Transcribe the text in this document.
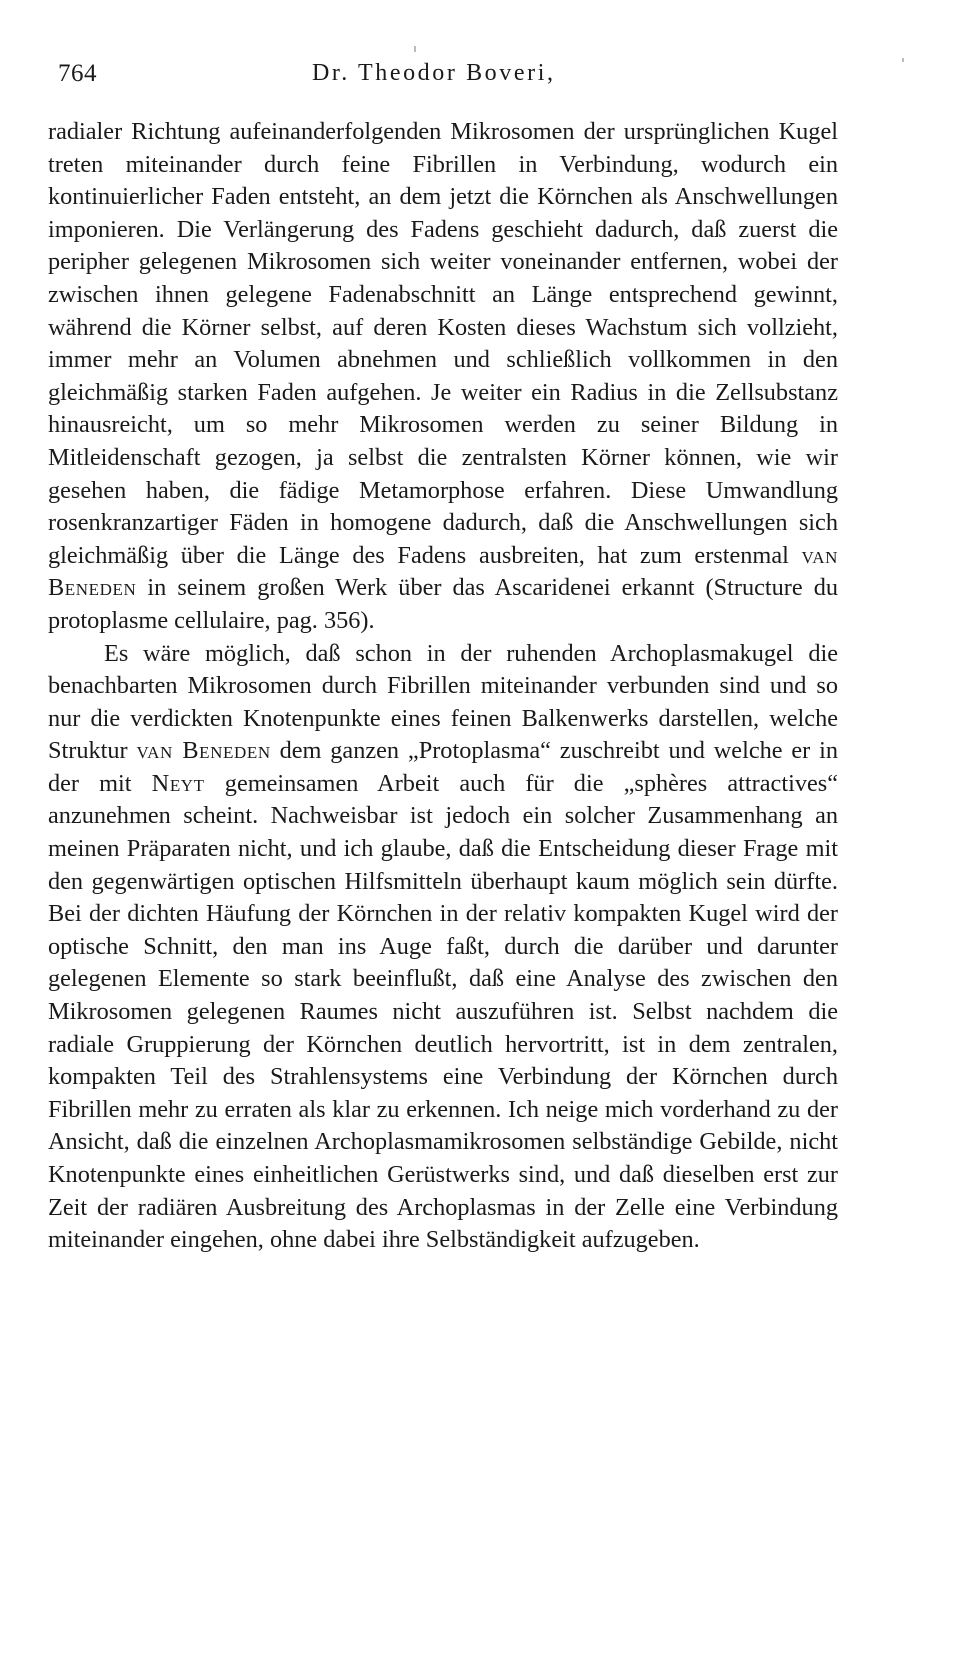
764	Dr. Theodor Boveri,

radialer Richtung aufeinanderfolgenden Mikrosomen der ursprünglichen Kugel treten miteinander durch feine Fibrillen in Verbindung, wodurch ein kontinuierlicher Faden entsteht, an dem jetzt die Körnchen als Anschwellungen imponieren. Die Verlängerung des Fadens geschieht dadurch, daß zuerst die peripher gelegenen Mikrosomen sich weiter voneinander entfernen, wobei der zwischen ihnen gelegene Fadenabschnitt an Länge entsprechend gewinnt, während die Körner selbst, auf deren Kosten dieses Wachstum sich vollzieht, immer mehr an Volumen abnehmen und schließlich vollkommen in den gleichmäßig starken Faden aufgehen. Je weiter ein Radius in die Zellsubstanz hinausreicht, um so mehr Mikrosomen werden zu seiner Bildung in Mitleidenschaft gezogen, ja selbst die zentralsten Körner können, wie wir gesehen haben, die fädige Metamorphose erfahren. Diese Umwandlung rosenkranzartiger Fäden in homogene dadurch, daß die Anschwellungen sich gleichmäßig über die Länge des Fadens ausbreiten, hat zum erstenmal van Beneden in seinem großen Werk über das Ascaridenei erkannt (Structure du protoplasme cellulaire, pag. 356).

Es wäre möglich, daß schon in der ruhenden Archoplasmakugel die benachbarten Mikrosomen durch Fibrillen miteinander verbunden sind und so nur die verdickten Knotenpunkte eines feinen Balkenwerks darstellen, welche Struktur van Beneden dem ganzen „Protoplasma“ zuschreibt und welche er in der mit Neyt gemeinsamen Arbeit auch für die „sphères attractives“ anzunehmen scheint. Nachweisbar ist jedoch ein solcher Zusammenhang an meinen Präparaten nicht, und ich glaube, daß die Entscheidung dieser Frage mit den gegenwärtigen optischen Hilfsmitteln überhaupt kaum möglich sein dürfte. Bei der dichten Häufung der Körnchen in der relativ kompakten Kugel wird der optische Schnitt, den man ins Auge faßt, durch die darüber und darunter gelegenen Elemente so stark beeinflußt, daß eine Analyse des zwischen den Mikrosomen gelegenen Raumes nicht auszuführen ist. Selbst nachdem die radiale Gruppierung der Körnchen deutlich hervortritt, ist in dem zentralen, kompakten Teil des Strahlensystems eine Verbindung der Körnchen durch Fibrillen mehr zu erraten als klar zu erkennen. Ich neige mich vorderhand zu der Ansicht, daß die einzelnen Archoplasmamikrosomen selbständige Gebilde, nicht Knotenpunkte eines einheitlichen Gerüstwerks sind, und daß dieselben erst zur Zeit der radiären Ausbreitung des Archoplasmas in der Zelle eine Verbindung miteinander eingehen, ohne dabei ihre Selbständigkeit aufzugeben.
